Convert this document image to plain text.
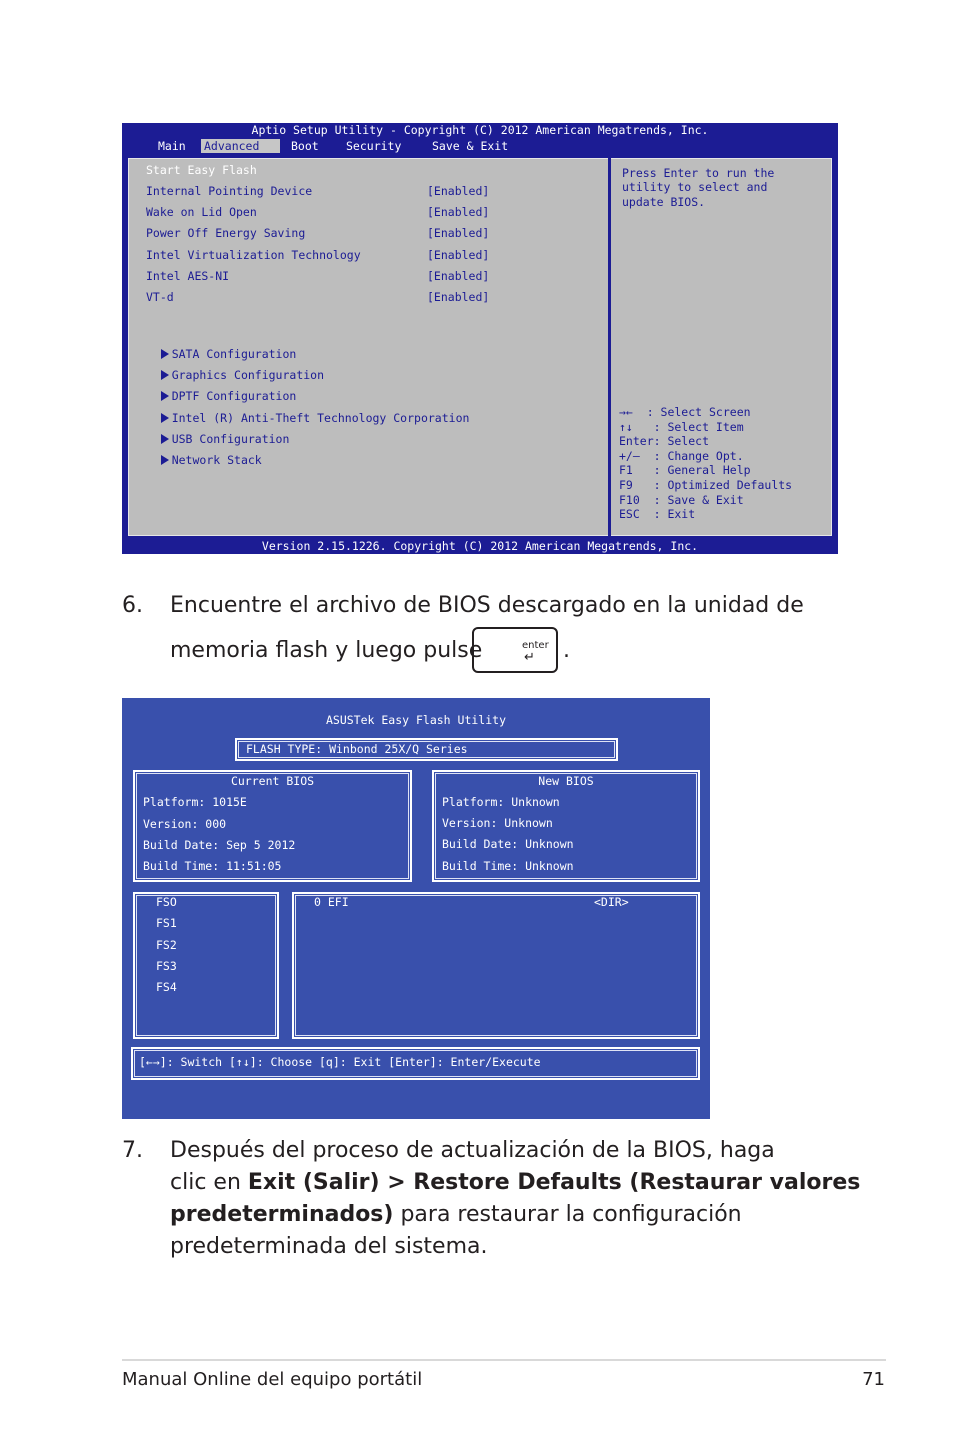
Aptio Setup Utility - Copyright (C) 2012 American Megatrends, Inc.
Main Advanced	Boot Security	Save & Exit
Start Easy Flash
Internal Pointing Device	[Enabled]
Wake on Lid Open	[Enabled]
Power Off Energy Saving	[Enabled]
Intel Virtualization Technology	[Enabled]
Intel AES-NI	[Enabled]
VT-d	[Enabled]

SATA Configuration

Graphics Configuration

DPTF Configuration

Intel (R) Anti-Theft Technology Corporation

USB Configuration

Network Stack

Press Enter to run the
utility to select and
update BIOS.
→←  : Select Screen
↑↓   : Select Item
Enter: Select
+/—  : Change Opt.
F1   : General Help
F9   : Optimized Defaults
F10  : Save & Exit
ESC  : Exit
Version 2.15.1226. Copyright (C) 2012 American Megatrends, Inc.
6. Encuentre el archivo de BIOS descargado en la unidad de
memoria flash y luego pulse	enter
↵ .
ASUSTek Easy Flash Utility
FLASH TYPE: Winbond 25X/Q Series
Current BIOS
Platform: 1015E
Version: 000
Build Date: Sep 5 2012
Build Time: 11:51:05
New BIOS
Platform: Unknown
Version: Unknown
Build Date: Unknown
Build Time: Unknown
FSO
FS1
FS2
FS3
FS4
0 EFI	<DIR>
[←→]: Switch [↑↓]: Choose [q]: Exit [Enter]: Enter/Execute
7. Después del proceso de actualización de la BIOS, haga
clic en Exit (Salir) > Restore Defaults (Restaurar valores
predeterminados) para restaurar la configuración
predeterminada del sistema.
Manual Online del equipo portátil	71
